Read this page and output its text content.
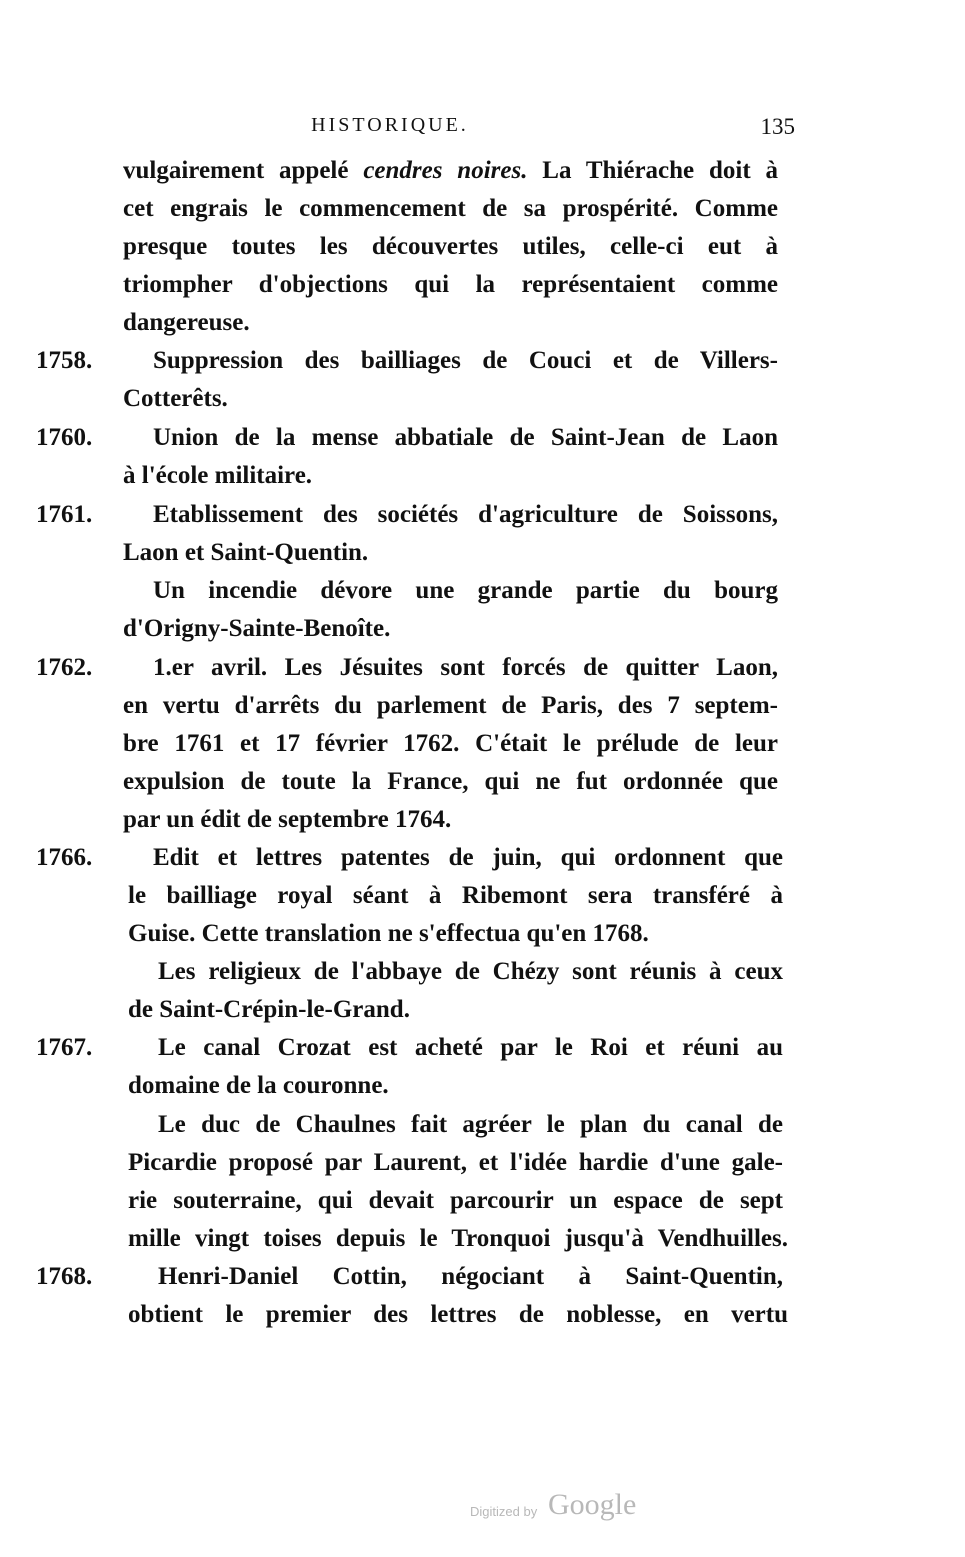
HISTORIQUE.	135
vulgairement appelé cendres noires. La Thiérache doit à
cet engrais le commencement de sa prospérité. Comme
presque toutes les découvertes utiles, celle-ci eut à
triompher d'objections qui la représentaient comme
dangereuse.
1758.	Suppression des bailliages de Couci et de Villers-
Cotterêts.
1760.	Union de la mense abbatiale de Saint-Jean de Laon
à l'école militaire.
1761.	Etablissement des sociétés d'agriculture de Soissons,
Laon et Saint-Quentin.
Un incendie dévore une grande partie du bourg
d'Origny-Sainte-Benoîte.
1762.	1.er avril. Les Jésuites sont forcés de quitter Laon,
en vertu d'arrêts du parlement de Paris, des 7 septem-
bre 1761 et 17 février 1762. C'était le prélude de leur
expulsion de toute la France, qui ne fut ordonnée que
par un édit de septembre 1764.
1766.	Edit et lettres patentes de juin, qui ordonnent que
le bailliage royal séant à Ribemont sera transféré à
Guise. Cette translation ne s'effectua qu'en 1768.
Les religieux de l'abbaye de Chézy sont réunis à ceux
de Saint-Crépin-le-Grand.
1767.	Le canal Crozat est acheté par le Roi et réuni au
domaine de la couronne.
Le duc de Chaulnes fait agréer le plan du canal de
Picardie proposé par Laurent, et l'idée hardie d'une gale-
rie souterraine, qui devait parcourir un espace de sept
mille vingt toises depuis le Tronquoi jusqu'à Vendhuilles.
1768.	Henri-Daniel Cottin, négociant à Saint-Quentin,
obtient le premier des lettres de noblesse, en vertu
Digitized by Google
